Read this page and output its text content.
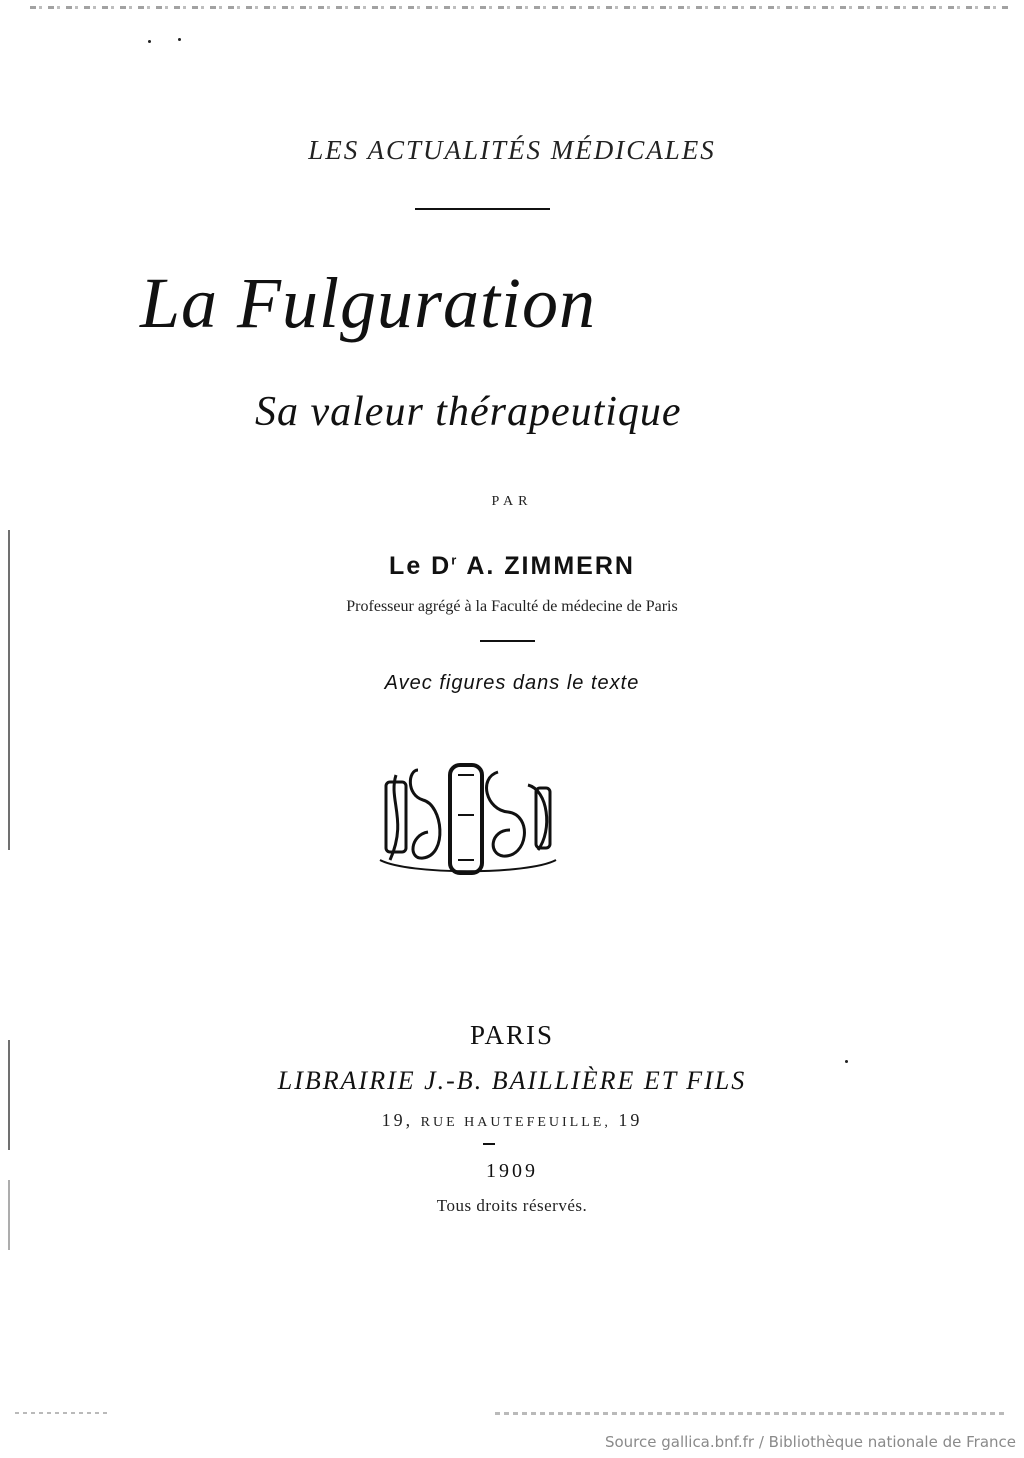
LES ACTUALITÉS MÉDICALES
La Fulguration
Sa valeur thérapeutique
PAR
Le $D^r$ A. ZIMMERN
Professeur agrégé à la Faculté de médecine de Paris
Avec figures dans le texte
JBB
PARIS
LIBRAIRIE J.-B. BAILLIÈRE ET FILS
19, RUE HAUTEFEUILLE, 19
1909
Tous droits réservés.
Source gallica.bnf.fr / Bibliothèque nationale de France
